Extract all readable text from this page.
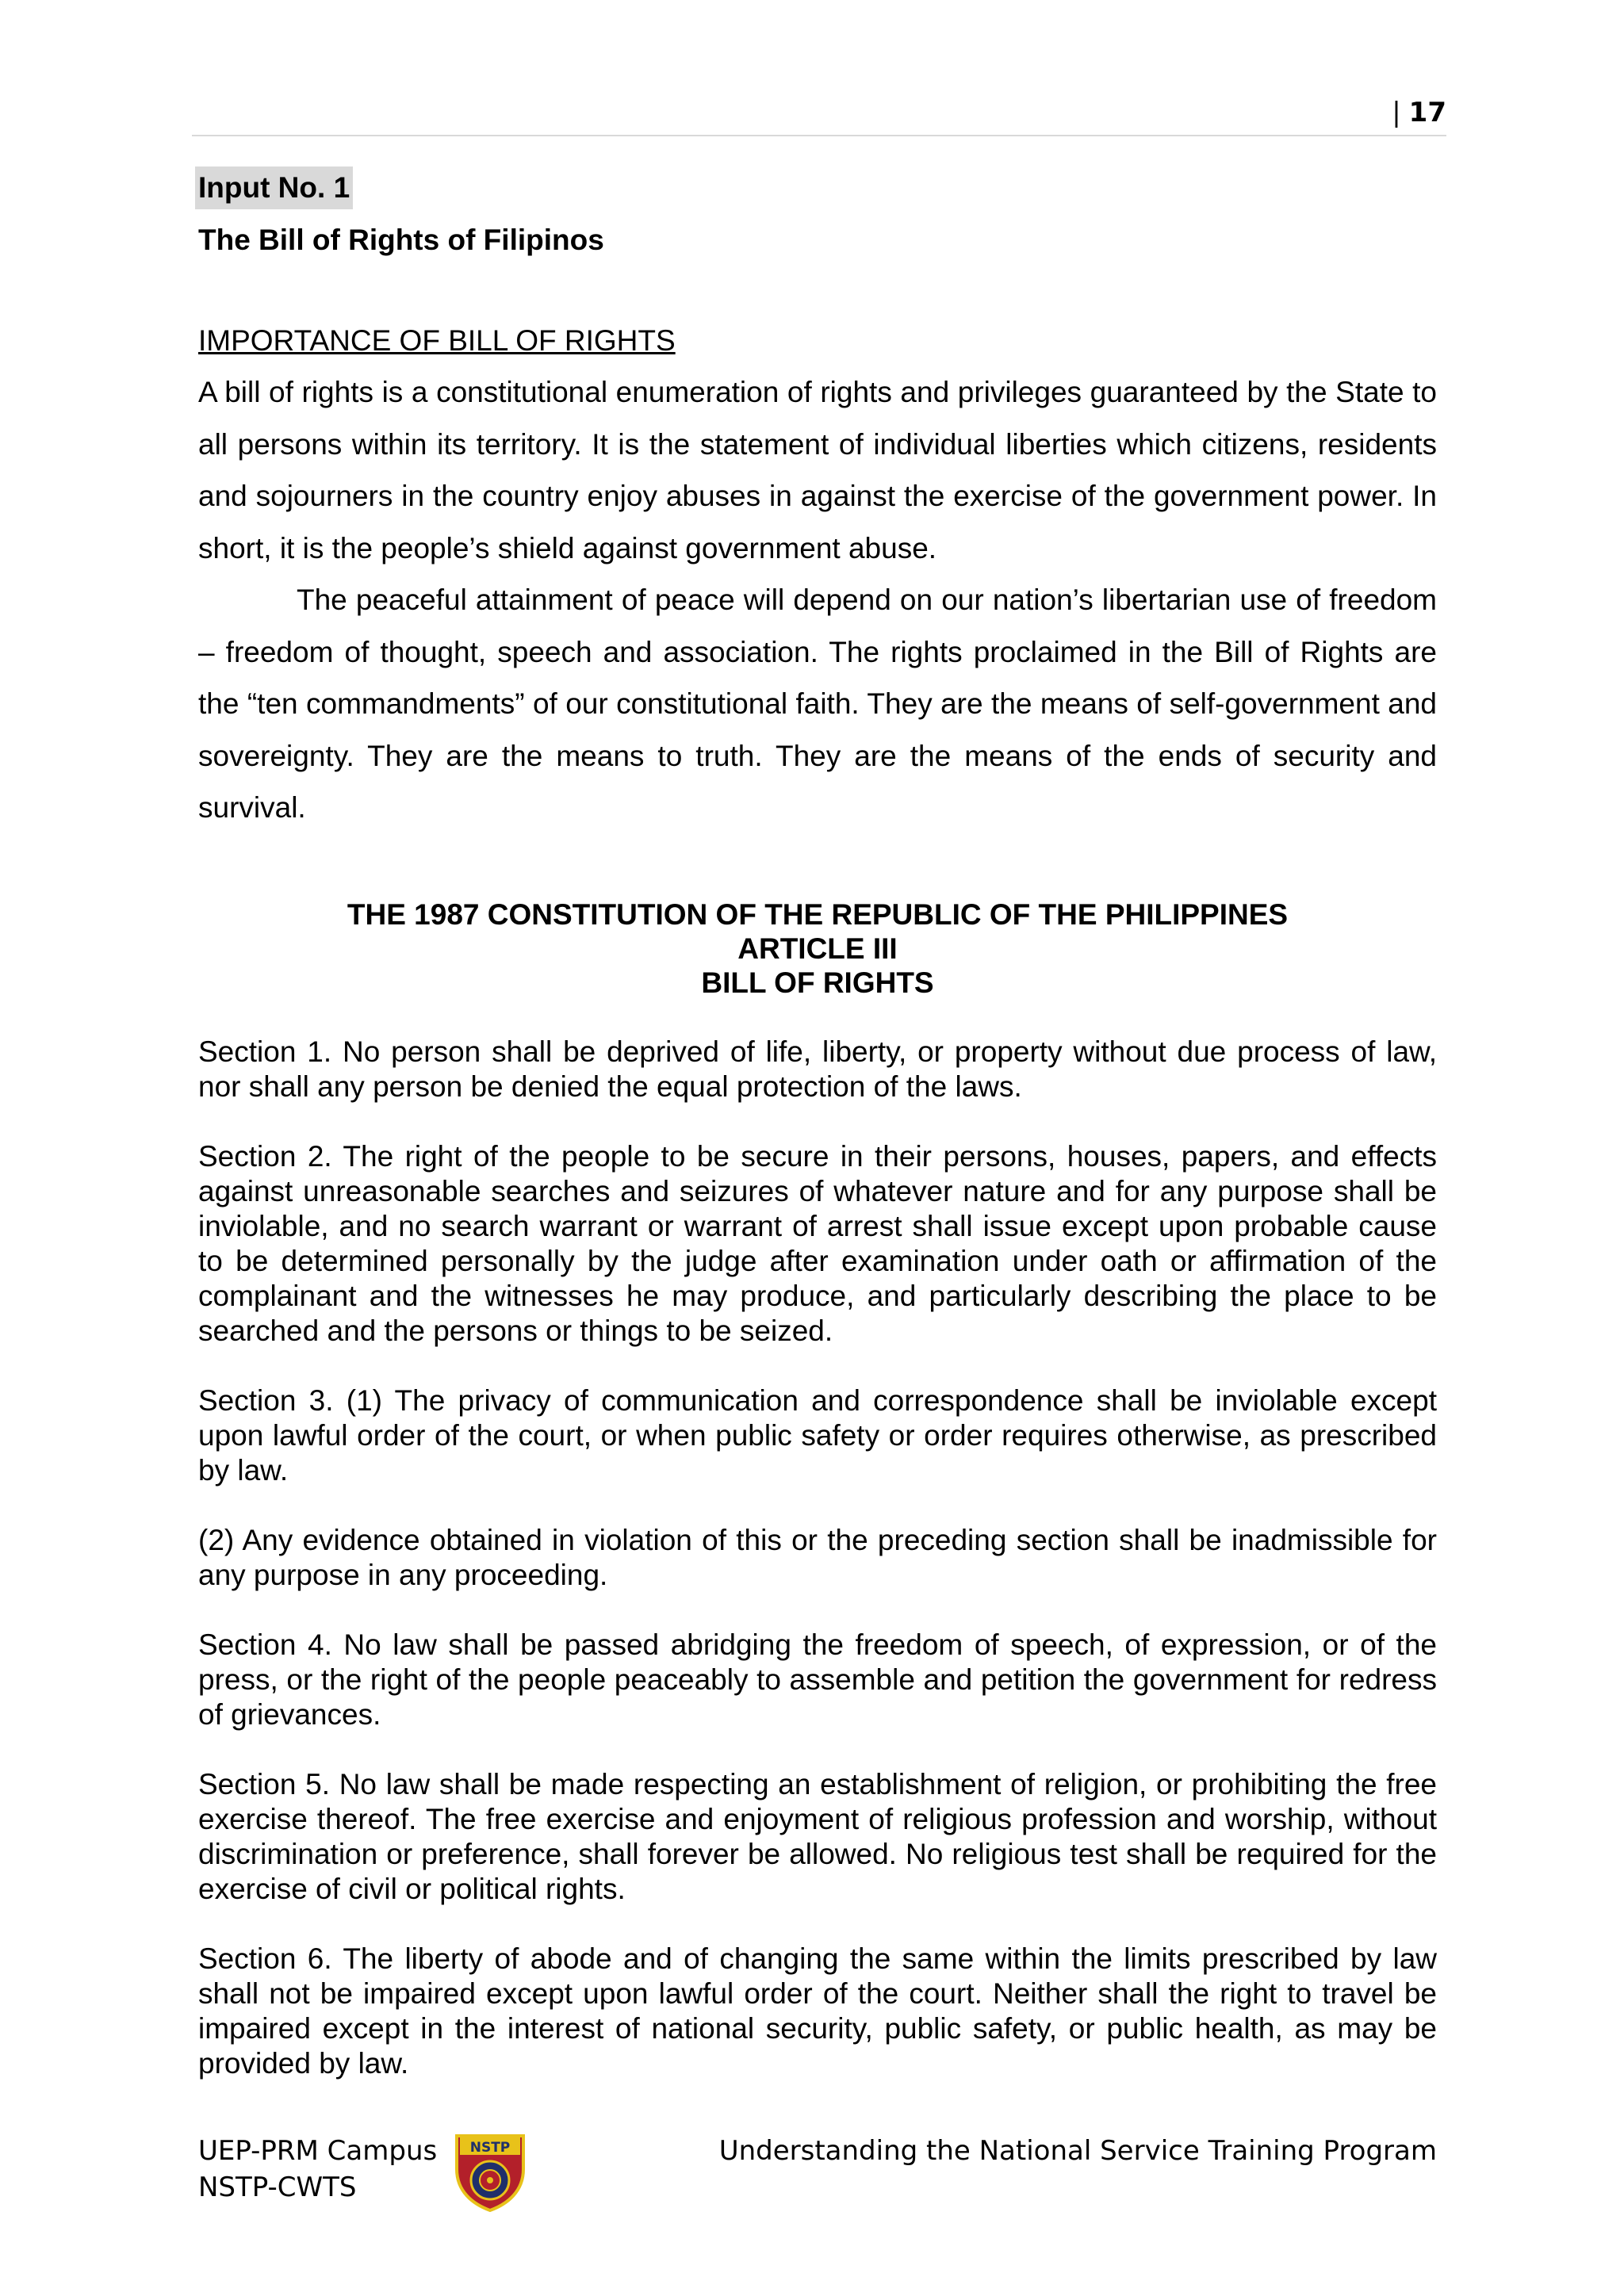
| 17
Input No. 1
The Bill of Rights of Filipinos
IMPORTANCE OF BILL OF RIGHTS

A bill of rights is a constitutional enumeration of rights and privileges guaranteed by the State to all persons within its territory. It is the statement of individual liberties which citizens, residents and sojourners in the country enjoy abuses in against the exercise of the government power. In short, it is the people’s shield against government abuse.

The peaceful attainment of peace will depend on our nation’s libertarian use of freedom – freedom of thought, speech and association. The rights proclaimed in the Bill of Rights are the “ten commandments” of our constitutional faith. They are the means of self-government and sovereignty. They are the means to truth. They are the means of the ends of security and survival.

THE 1987 CONSTITUTION OF THE REPUBLIC OF THE PHILIPPINES
ARTICLE III
BILL OF RIGHTS

Section 1. No person shall be deprived of life, liberty, or property without due process of law, nor shall any person be denied the equal protection of the laws.

Section 2. The right of the people to be secure in their persons, houses, papers, and effects against unreasonable searches and seizures of whatever nature and for any purpose shall be inviolable, and no search warrant or warrant of arrest shall issue except upon probable cause to be determined personally by the judge after examination under oath or affirmation of the complainant and the witnesses he may produce, and particularly describing the place to be searched and the persons or things to be seized.

Section 3. (1) The privacy of communication and correspondence shall be inviolable except upon lawful order of the court, or when public safety or order requires otherwise, as prescribed by law.

(2) Any evidence obtained in violation of this or the preceding section shall be inadmissible for any purpose in any proceeding.

Section 4. No law shall be passed abridging the freedom of speech, of expression, or of the press, or the right of the people peaceably to assemble and petition the government for redress of grievances.

Section 5. No law shall be made respecting an establishment of religion, or prohibiting the free exercise thereof. The free exercise and enjoyment of religious profession and worship, without discrimination or preference, shall forever be allowed. No religious test shall be required for the exercise of civil or political rights.

Section 6. The liberty of abode and of changing the same within the limits prescribed by law shall not be impaired except upon lawful order of the court. Neither shall the right to travel be impaired except in the interest of national security, public safety, or public health, as may be provided by law.

UEP-PRM Campus
NSTP-CWTS
NSTP	Understanding the National Service Training Program
